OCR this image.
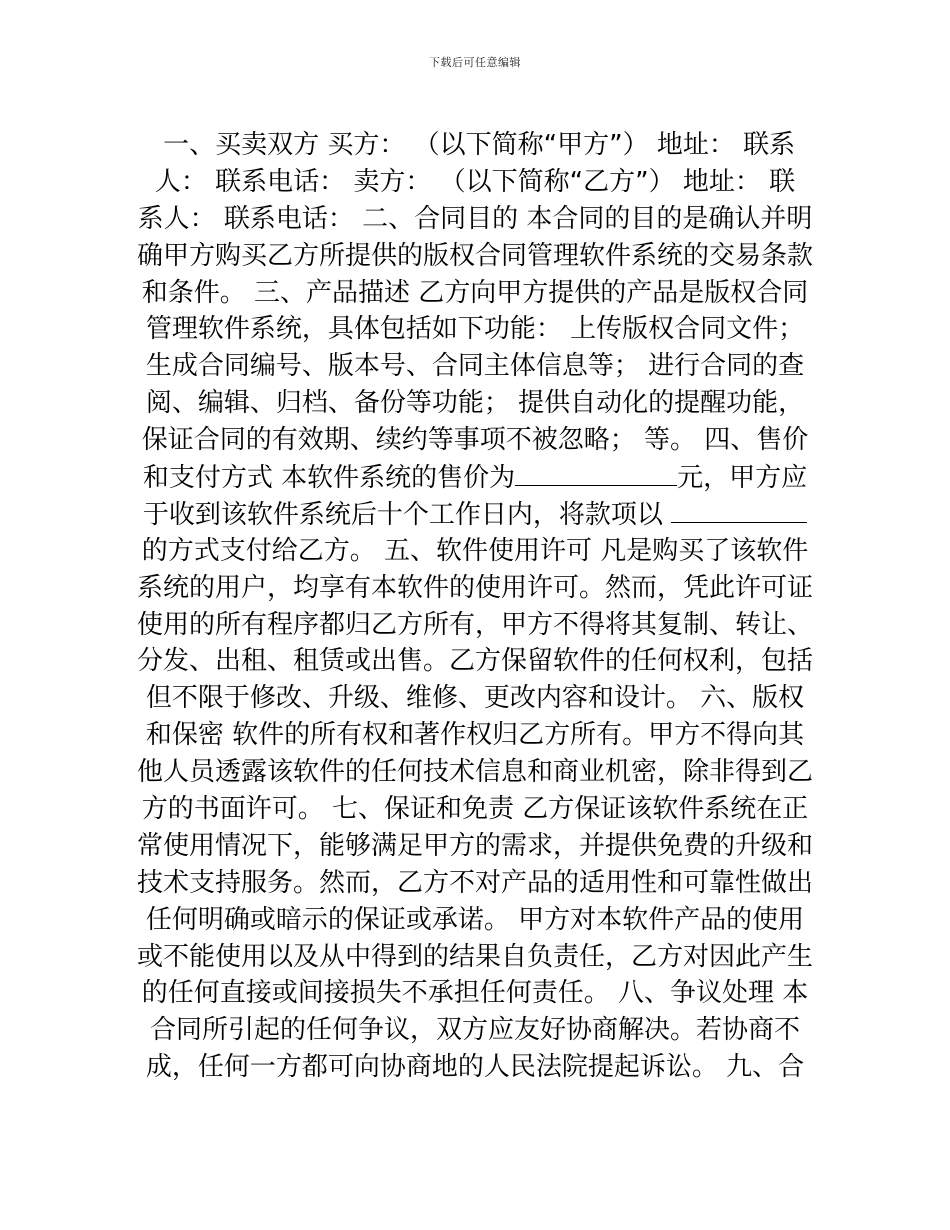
下载后可任意编辑
一、买卖双方 买方： （以下简称“甲方”） 地址： 联系
人： 联系电话： 卖方： （以下简称“乙方”） 地址： 联
系人： 联系电话： 二、合同目的 本合同的目的是确认并明
确甲方购买乙方所提供的版权合同管理软件系统的交易条款
和条件。 三、产品描述 乙方向甲方提供的产品是版权合同
管理软件系统，具体包括如下功能： 上传版权合同文件；
生成合同编号、版本号、合同主体信息等； 进行合同的查
阅、编辑、归档、备份等功能； 提供自动化的提醒功能，
保证合同的有效期、续约等事项不被忽略； 等。 四、售价
和支付方式 本软件系统的售价为	元，甲方应
于收到该软件系统后十个工作日内，将款项以
的方式支付给乙方。 五、软件使用许可 凡是购买了该软件
系统的用户，均享有本软件的使用许可。然而，凭此许可证
使用的所有程序都归乙方所有，甲方不得将其复制、转让、
分发、出租、租赁或出售。乙方保留软件的任何权利，包括
但不限于修改、升级、维修、更改内容和设计。 六、版权
和保密 软件的所有权和著作权归乙方所有。甲方不得向其
他人员透露该软件的任何技术信息和商业机密，除非得到乙
方的书面许可。 七、保证和免责 乙方保证该软件系统在正
常使用情况下，能够满足甲方的需求，并提供免费的升级和
技术支持服务。然而，乙方不对产品的适用性和可靠性做出
任何明确或暗示的保证或承诺。 甲方对本软件产品的使用
或不能使用以及从中得到的结果自负责任，乙方对因此产生
的任何直接或间接损失不承担任何责任。 八、争议处理 本
合同所引起的任何争议，双方应友好协商解决。若协商不
成，任何一方都可向协商地的人民法院提起诉讼。 九、合
